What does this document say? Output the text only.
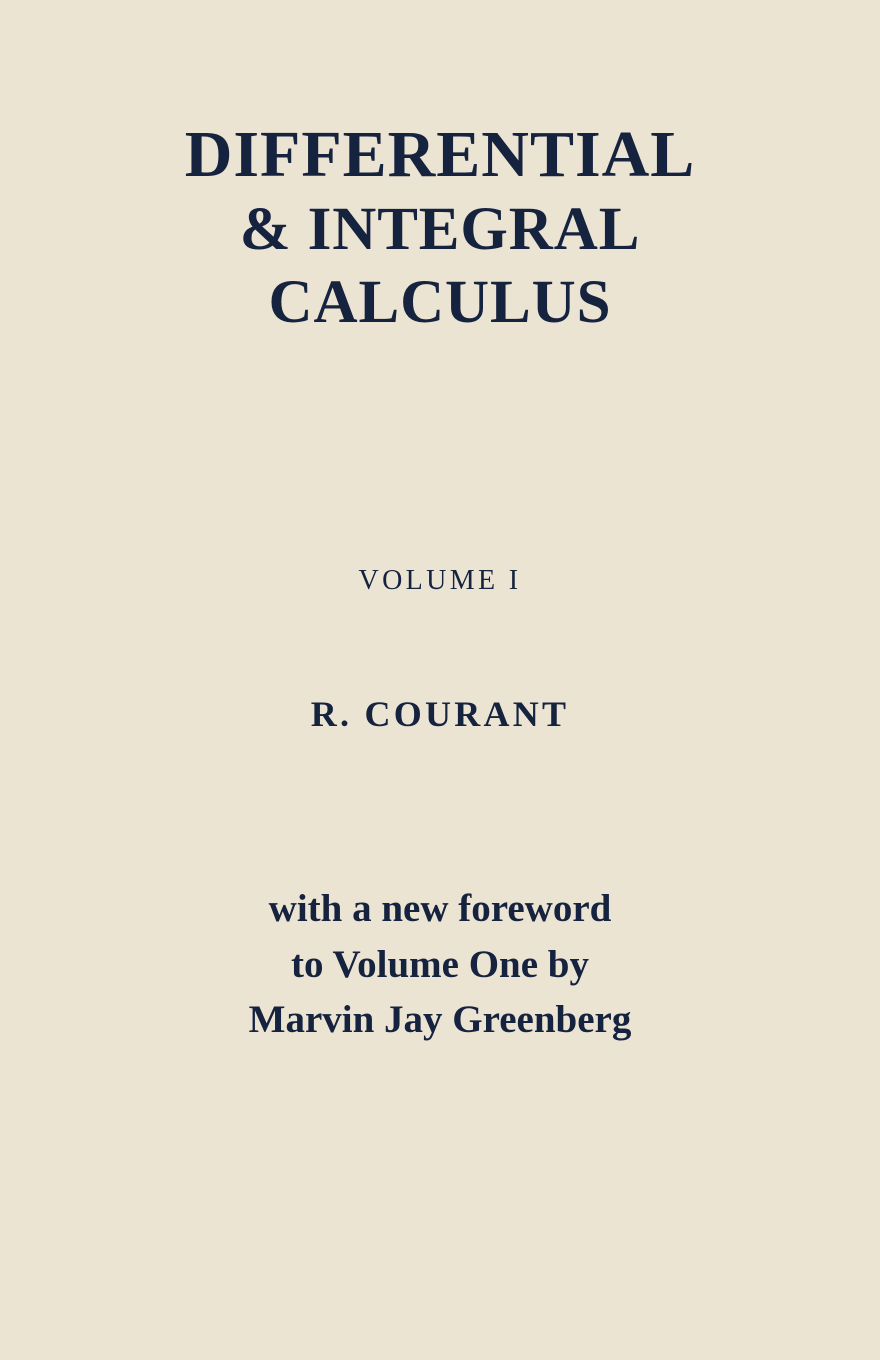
DIFFERENTIAL
& INTEGRAL
CALCULUS
VOLUME I
R. COURANT
with a new foreword
to Volume One by
Marvin Jay Greenberg
